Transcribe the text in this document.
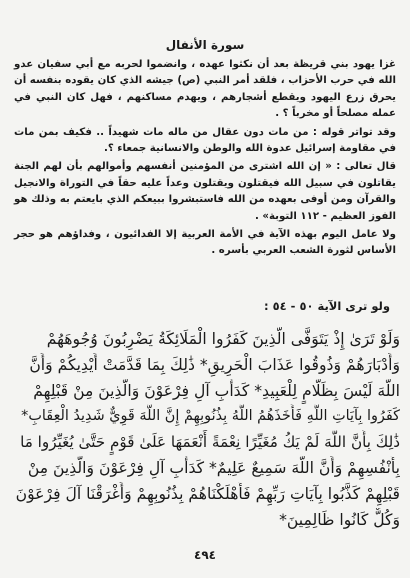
سورة الأنفال

غزا يهود بني قريظة بعد أن نكثوا عهده ، وانضموا لحربه مع أبي سفيان عدو الله في حرب الأحزاب ، فلقد أمر النبي (ص) جيشه الذي كان يقوده بنفسه أن يحرق زرع اليهود ويقطع أشجارهم ، ويهدم مساكنهم ، فهل كان النبي في عمله مصلحاً أو مخرباً ؟ .

وقد تواتر قوله : من مات دون عقال من ماله مات شهيداً .. فكيف بمن مات في مقاومة إسرائيل عدوة الله والوطن والانسانية جمعاء ؟.

قال تعالى : « إن الله اشترى من المؤمنين أنفسهم وأموالهم بأن لهم الجنة يقاتلون في سبيل الله فيقتلون ويقتلون وعداً عليه حقاً في التوراة والانجيل والقرآن ومن أوفى بعهده من الله فاستبشروا ببيعكم الذي بايعتم به وذلك هو الفوز العظيم - ١١٢ التوبة» .

ولا عامل اليوم بهذه الآية في الأمة العربية إلا الفدائيون ، وفداؤهم هو حجر الأساس لثورة الشعب العربي بأسره .

ولو ترى الآية ٥٠ - ٥٤ :
وَلَوْ تَرَىٰ إِذْ يَتَوَفَّى الَّذِينَ كَفَرُوا الْمَلَائِكَةُ يَضْرِبُونَ وُجُوهَهُمْ
وَأَدْبَارَهُمْ وَذُوقُوا عَذَابَ الْحَرِيقِ* ذَٰلِكَ بِمَا قَدَّمَتْ أَيْدِيكُمْ وَأَنَّ
اللَّهَ لَيْسَ بِظَلَّامٍ لِلْعَبِيدِ* كَدَأْبِ آلِ فِرْعَوْنَ وَالَّذِينَ مِنْ قَبْلِهِمْ
كَفَرُوا بِآيَاتِ اللَّهِ فَأَخَذَهُمُ اللَّهُ بِذُنُوبِهِمْ إِنَّ اللَّهَ قَوِيٌّ شَدِيدُ الْعِقَابِ*
ذَٰلِكَ بِأَنَّ اللَّهَ لَمْ يَكُ مُغَيِّرًا نِعْمَةً أَنْعَمَهَا عَلَىٰ قَوْمٍ حَتَّىٰ يُغَيِّرُوا مَا
بِأَنْفُسِهِمْ وَأَنَّ اللَّهَ سَمِيعٌ عَلِيمٌ* كَدَأْبِ آلِ فِرْعَوْنَ وَالَّذِينَ مِنْ
قَبْلِهِمْ كَذَّبُوا بِآيَاتِ رَبِّهِمْ فَأَهْلَكْنَاهُمْ بِذُنُوبِهِمْ وَأَغْرَقْنَا آلَ فِرْعَوْنَ
وَكُلٌّ كَانُوا ظَالِمِينَ*
٤٩٤
